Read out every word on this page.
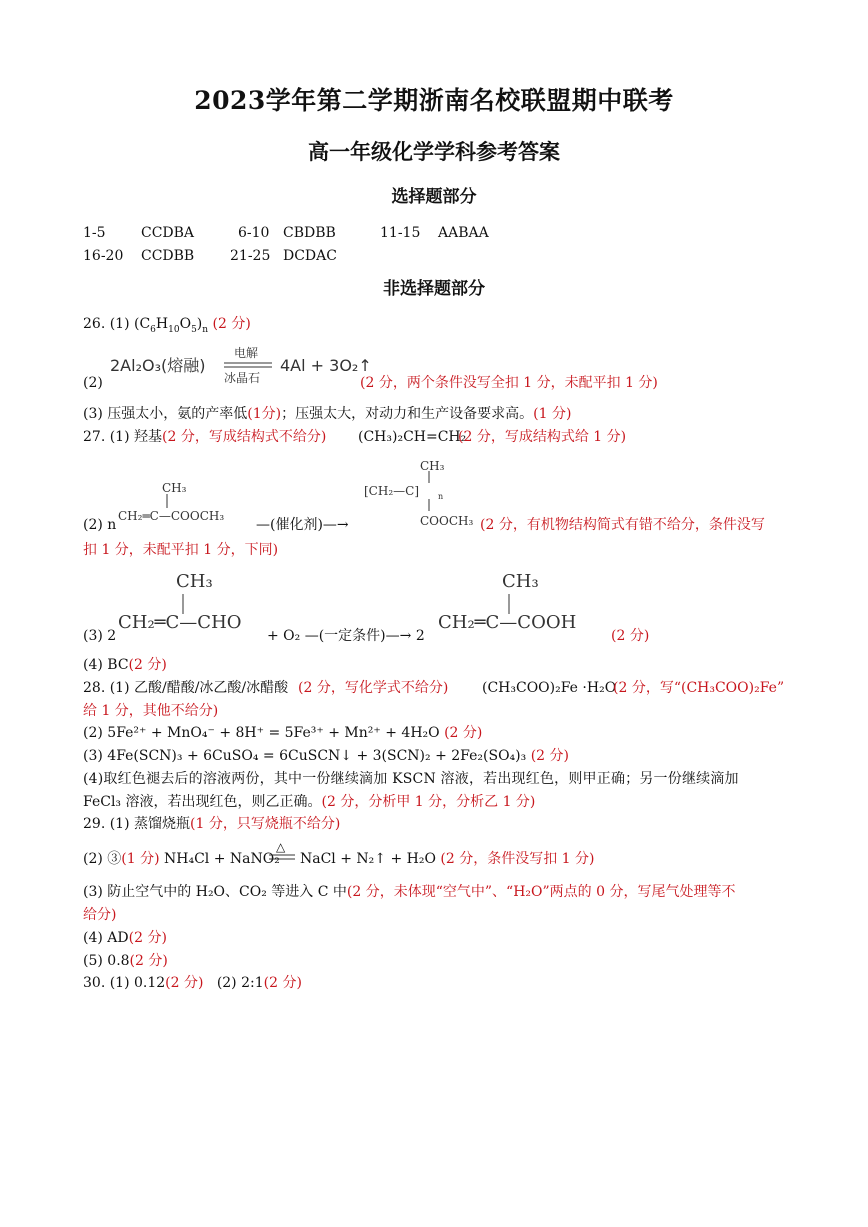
2023学年第二学期浙南名校联盟期中联考
高一年级化学学科参考答案
选择题部分
1-5	CCDBA	6-10 CBDBB	11-15 AABAA
16-20 CCDBB	21-25 DCDAC
非选择题部分
26. (1) $(C_6H_{10}O_5)_n$ (2 分)
(2)
2Al₂O₃(熔融)
电解
冰晶石
4Al + 3O₂↑
(2 分，两个条件没写全扣 1 分，未配平扣 1 分)
(3) 压强太小，氨的产率低(1分)；压强太大，对动力和生产设备要求高。(1 分)
27. (1) 羟基 (2 分，写成结构式不给分) (CH₃)₂CH=CH₂
(2 分，写成结构式给 1 分)
(2) n
CH₃
CH₂═C—COOCH₃
—(催化剂)—→
CH₃
[CH₂—C] n
COOCH₃ (2 分，有机物结构简式有错不给分，条件没写
扣 1 分，未配平扣 1 分，下同)
(3) 2
CH₃
CH₂═C—CHO
+ O₂ —(一定条件)—→ 2
CH₃
CH₂═C—COOH
(2 分)
(4) BC(2 分)
28. (1) 乙酸/醋酸/冰乙酸/冰醋酸 (2 分，写化学式不给分) (CH₃COO)₂Fe ·H₂O
(2 分，写“(CH₃COO)₂Fe”
给 1 分，其他不给分)
(2) 5Fe²⁺ + MnO₄⁻ + 8H⁺ = 5Fe³⁺ + Mn²⁺ + 4H₂O (2 分)
(3) 4Fe(SCN)₃ + 6CuSO₄ = 6CuSCN↓ + 3(SCN)₂ + 2Fe₂(SO₄)₃ (2 分)
(4)取红色褪去后的溶液两份，其中一份继续滴加 KSCN 溶液，若出现红色，则甲正确；另一份继续滴加
FeCl₃ 溶液，若出现红色，则乙正确。(2 分，分析甲 1 分，分析乙 1 分)
29. (1) 蒸馏烧瓶(1 分，只写烧瓶不给分)
(2) ③(1 分) NH₄Cl + NaNO₂
△
NaCl + N₂↑ + H₂O (2 分，条件没写扣 1 分)
(3) 防止空气中的 H₂O、CO₂ 等进入 C 中(2 分，未体现“空气中”、“H₂O”两点的 0 分，写尾气处理等不
给分)
(4) AD(2 分)
(5) 0.8(2 分)
30. (1) 0.12(2 分) (2) 2:1(2 分)
